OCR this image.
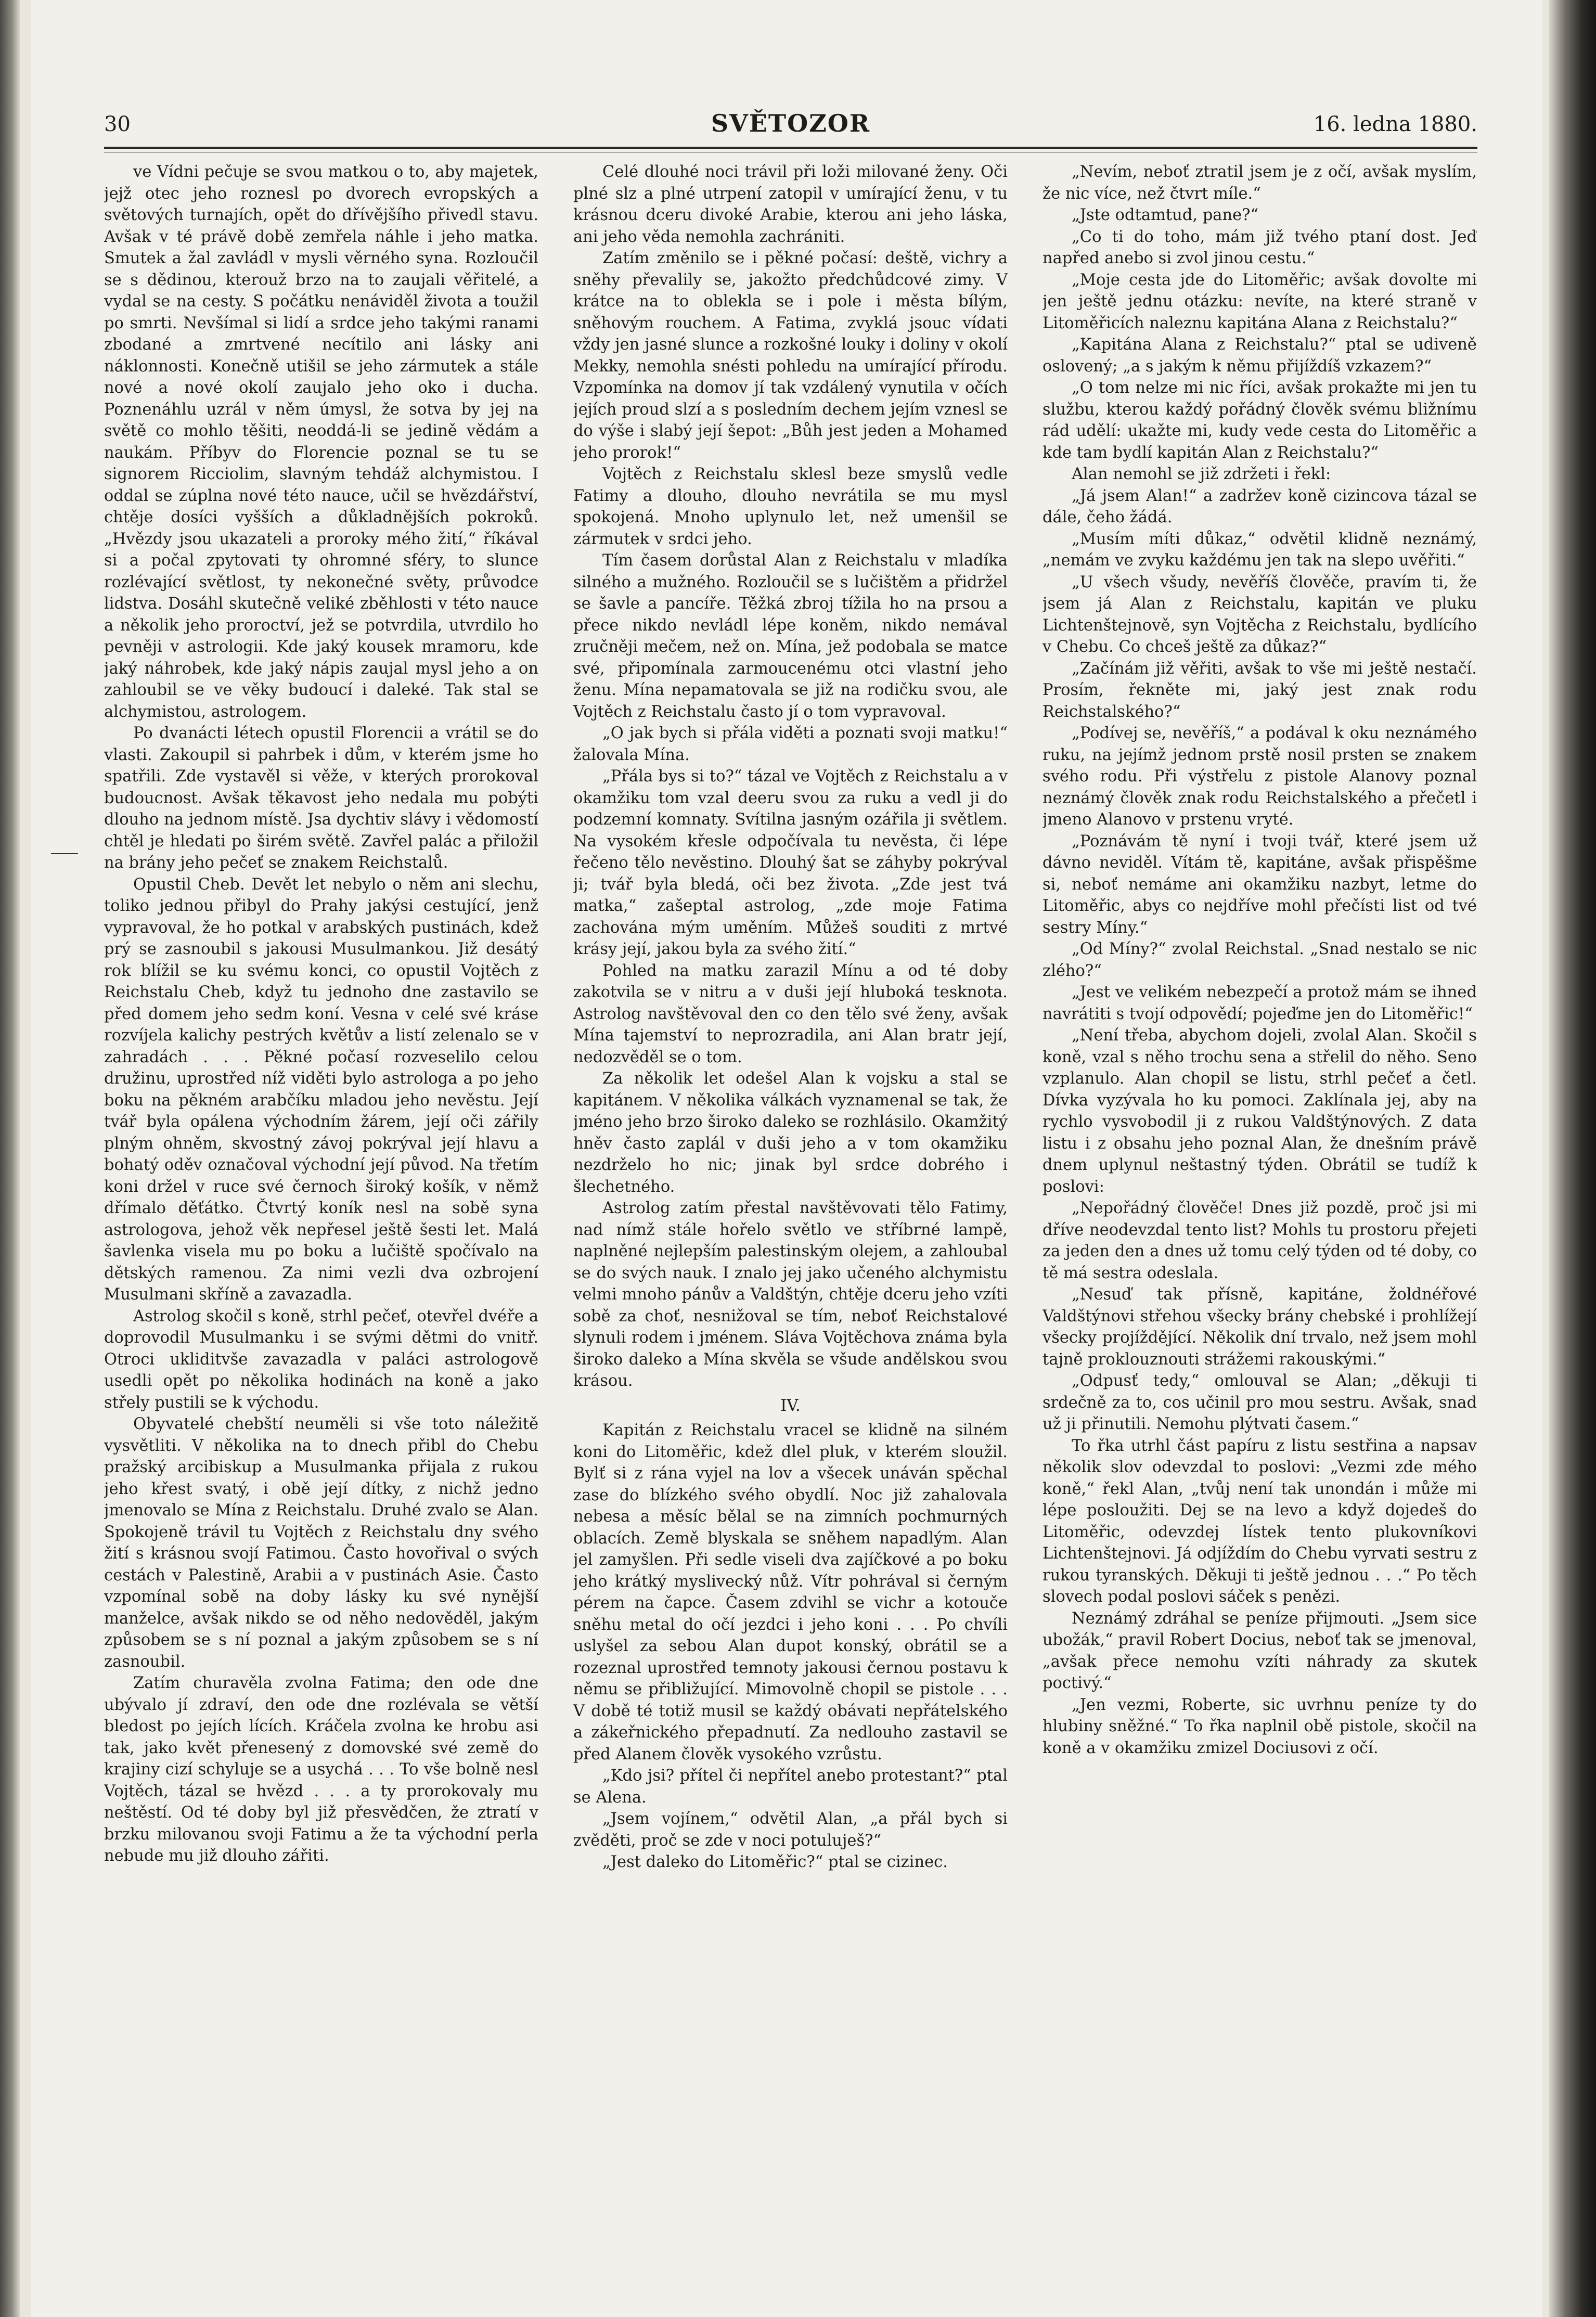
30	SVĚTOZOR	16. ledna 1880.

ve Vídni pečuje se svou matkou o to, aby majetek, jejž otec jeho roznesl po dvorech evropských a světových turnajích, opět do dřívějšího přivedl stavu. Avšak v té právě době zemřela náhle i jeho matka. Smutek a žal zavládl v mysli věrného syna. Rozloučil se s dědinou, kterouž brzo na to zaujali věřitelé, a vydal se na cesty. S počátku nenáviděl života a toužil po smrti. Nevšímal si lidí a srdce jeho takými ranami zbodané a zmrtvené necítilo ani lásky ani náklonnosti. Konečně utišil se jeho zármutek a stále nové a nové okolí zaujalo jeho oko i ducha. Poznenáhlu uzrál v něm úmysl, že sotva by jej na světě co mohlo těšiti, neoddá-li se jedině vědám a naukám. Příbyv do Florencie poznal se tu se signorem Ricciolim, slavným tehdáž alchymistou. I oddal se zúplna nové této nauce, učil se hvězdářství, chtěje dosíci vyšších a důkladnějších pokroků. „Hvězdy jsou ukazateli a proroky mého žití,“ říkával si a počal zpytovati ty ohromné sféry, to slunce rozlévající světlost, ty nekonečné světy, průvodce lidstva. Dosáhl skutečně veliké zběhlosti v této nauce a několik jeho proroctví, jež se potvrdila, utvrdilo ho pevněji v astrologii. Kde jaký kousek mramoru, kde jaký náhrobek, kde jaký nápis zaujal mysl jeho a on zahloubil se ve věky budoucí i daleké. Tak stal se alchymistou, astrologem.

Po dvanácti létech opustil Florencii a vrátil se do vlasti. Zakoupil si pahrbek i dům, v kterém jsme ho spatřili. Zde vystavěl si věže, v kterých prorokoval budoucnost. Avšak těkavost jeho nedala mu pobýti dlouho na jednom místě. Jsa dychtiv slávy i vědomostí chtěl je hledati po širém světě. Zavřel palác a přiložil na brány jeho pečeť se znakem Reichstalů.

Opustil Cheb. Devět let nebylo o něm ani slechu, toliko jednou přibyl do Prahy jakýsi cestující, jenž vypravoval, že ho potkal v arabských pustinách, kdež prý se zasnoubil s jakousi Musulmankou. Již desátý rok blížil se ku svému konci, co opustil Vojtěch z Reichstalu Cheb, když tu jednoho dne zastavilo se před domem jeho sedm koní. Vesna v celé své kráse rozvíjela kalichy pestrých květův a listí zelenalo se v zahradách . . . Pěkné počasí rozveselilo celou družinu, uprostřed níž viděti bylo astrologa a po jeho boku na pěkném arabčíku mladou jeho nevěstu. Její tvář byla opálena východním žárem, její oči zářily plným ohněm, skvostný závoj pokrýval její hlavu a bohatý oděv označoval východní její původ. Na třetím koni držel v ruce své černoch široký košík, v němž dřímalo děťátko. Čtvrtý koník nesl na sobě syna astrologova, jehož věk nepřesel ještě šesti let. Malá šavlenka visela mu po boku a lučiště spočívalo na dětských ramenou. Za nimi vezli dva ozbrojení Musulmani skříně a zavazadla.

Astrolog skočil s koně, strhl pečeť, otevřel dvéře a doprovodil Musulmanku i se svými dětmi do vnitř. Otroci ukliditvše zavazadla v paláci astrologově usedli opět po několika hodinách na koně a jako střely pustili se k východu.

Obyvatelé chebští neuměli si vše toto náležitě vysvětliti. V několika na to dnech přibl do Chebu pražský arcibiskup a Musulmanka přijala z rukou jeho křest svatý, i obě její dítky, z nichž jedno jmenovalo se Mína z Reichstalu. Druhé zvalo se Alan. Spokojeně trávil tu Vojtěch z Reichstalu dny svého žití s krásnou svojí Fatimou. Často hovořival o svých cestách v Palestině, Arabii a v pustinách Asie. Často vzpomínal sobě na doby lásky ku své nynější manželce, avšak nikdo se od něho nedověděl, jakým způsobem se s ní poznal a jakým způsobem se s ní zasnoubil.

Zatím churavěla zvolna Fatima; den ode dne ubývalo jí zdraví, den ode dne rozlévala se větší bledost po jejích lících. Kráčela zvolna ke hrobu asi tak, jako květ přenesený z domovské své země do krajiny cizí schyluje se a usychá . . . To vše bolně nesl Vojtěch, tázal se hvězd . . . a ty prorokovaly mu neštěstí. Od té doby byl již přesvědčen, že ztratí v brzku milovanou svoji Fatimu a že ta východní perla nebude mu již dlouho zářiti.

Celé dlouhé noci trávil při loži milované ženy. Oči plné slz a plné utrpení zatopil v umírající ženu, v tu krásnou dceru divoké Arabie, kterou ani jeho láska, ani jeho věda nemohla zachrániti.

Zatím změnilo se i pěkné počasí: deště, vichry a sněhy převalily se, jakožto předchůdcové zimy. V krátce na to oblekla se i pole i města bílým, sněhovým rouchem. A Fatima, zvyklá jsouc vídati vždy jen jasné slunce a rozkošné louky i doliny v okolí Mekky, nemohla snésti pohledu na umírající přírodu. Vzpomínka na domov jí tak vzdálený vynutila v očích jejích proud slzí a s posledním dechem jejím vznesl se do výše i slabý její šepot: „Bůh jest jeden a Mohamed jeho prorok!“

Vojtěch z Reichstalu sklesl beze smyslů vedle Fatimy a dlouho, dlouho nevrátila se mu mysl spokojená. Mnoho uplynulo let, než umenšil se zármutek v srdci jeho.

Tím časem dorůstal Alan z Reichstalu v mladíka silného a mužného. Rozloučil se s lučištěm a přidržel se šavle a pancíře. Těžká zbroj tížila ho na prsou a přece nikdo nevládl lépe koněm, nikdo nemával zručněji mečem, než on. Mína, jež podobala se matce své, připomínala zarmoucenému otci vlastní jeho ženu. Mína nepamatovala se již na rodičku svou, ale Vojtěch z Reichstalu často jí o tom vypravoval.

„O jak bych si přála viděti a poznati svoji matku!“ žalovala Mína.

„Přála bys si to?“ tázal ve Vojtěch z Reichstalu a v okamžiku tom vzal deeru svou za ruku a vedl ji do podzemní komnaty. Svítilna jasným ozářila ji světlem. Na vysokém křesle odpočívala tu nevěsta, či lépe řečeno tělo nevěstino. Dlouhý šat se záhyby pokrýval ji; tvář byla bledá, oči bez života. „Zde jest tvá matka,“ zašeptal astrolog, „zde moje Fatima zachována mým uměním. Můžeš souditi z mrtvé krásy její, jakou byla za svého žití.“

Pohled na matku zarazil Mínu a od té doby zakotvila se v nitru a v duši její hluboká tesknota. Astrolog navštěvoval den co den tělo své ženy, avšak Mína tajemství to neprozradila, ani Alan bratr její, nedozvěděl se o tom.

Za několik let odešel Alan k vojsku a stal se kapitánem. V několika válkách vyznamenal se tak, že jméno jeho brzo široko daleko se rozhlásilo. Okamžitý hněv často zaplál v duši jeho a v tom okamžiku nezdrželo ho nic; jinak byl srdce dobrého i šlechetného.

Astrolog zatím přestal navštěvovati tělo Fatimy, nad nímž stále hořelo světlo ve stříbrné lampě, naplněné nejlepším palestinským olejem, a zahloubal se do svých nauk. I znalo jej jako učeného alchymistu velmi mnoho pánův a Valdštýn, chtěje dceru jeho vzíti sobě za choť, nesnižoval se tím, neboť Reichstalové slynuli rodem i jménem. Sláva Vojtěchova známa byla široko daleko a Mína skvěla se všude andělskou svou krásou.

IV.

Kapitán z Reichstalu vracel se klidně na silném koni do Litoměřic, kdež dlel pluk, v kterém sloužil. Bylť si z rána vyjel na lov a všecek unáván spěchal zase do blízkého svého obydlí. Noc již zahalovala nebesa a měsíc bělal se na zimních pochmurných oblacích. Země blyskala se sněhem napadlým. Alan jel zamyšlen. Při sedle viseli dva zajíčkové a po boku jeho krátký myslivecký nůž. Vítr pohrával si černým pérem na čapce. Časem zdvihl se vichr a kotouče sněhu metal do očí jezdci i jeho koni . . . Po chvíli uslyšel za sebou Alan dupot konský, obrátil se a rozeznal uprostřed temnoty jakousi černou postavu k němu se přibližující. Mimovolně chopil se pistole . . . V době té totiž musil se každý obávati nepřátelského a zákeřnického přepadnutí. Za nedlouho zastavil se před Alanem člověk vysokého vzrůstu.

„Kdo jsi? přítel či nepřítel anebo protestant?“ ptal se Alena.

„Jsem vojínem,“ odvětil Alan, „a přál bych si zvěděti, proč se zde v noci potuluješ?“

„Jest daleko do Litoměřic?“ ptal se cizinec.

„Nevím, neboť ztratil jsem je z očí, avšak myslím, že nic více, než čtvrt míle.“

„Jste odtamtud, pane?“

„Co ti do toho, mám již tvého ptaní dost. Jeď napřed anebo si zvol jinou cestu.“

„Moje cesta jde do Litoměřic; avšak dovolte mi jen ještě jednu otázku: nevíte, na které straně v Litoměřicích naleznu kapitána Alana z Reichstalu?“

„Kapitána Alana z Reichstalu?“ ptal se udiveně oslovený; „a s jakým k němu přijíždíš vzkazem?“

„O tom nelze mi nic říci, avšak prokažte mi jen tu službu, kterou každý pořádný člověk svému bližnímu rád udělí: ukažte mi, kudy vede cesta do Litoměřic a kde tam bydlí kapitán Alan z Reichstalu?“

Alan nemohl se již zdržeti i řekl:

„Já jsem Alan!“ a zadržev koně cizincova tázal se dále, čeho žádá.

„Musím míti důkaz,“ odvětil klidně neznámý, „nemám ve zvyku každému jen tak na slepo uvěřiti.“

„U všech všudy, nevěříš člověče, pravím ti, že jsem já Alan z Reichstalu, kapitán ve pluku Lichtenštejnově, syn Vojtěcha z Reichstalu, bydlícího v Chebu. Co chceš ještě za důkaz?“

„Začínám již věřiti, avšak to vše mi ještě nestačí. Prosím, řekněte mi, jaký jest znak rodu Reichstalského?“

„Podívej se, nevěříš,“ a podával k oku neznámého ruku, na jejímž jednom prstě nosil prsten se znakem svého rodu. Při výstřelu z pistole Alanovy poznal neznámý člověk znak rodu Reichstalského a přečetl i jmeno Alanovo v prstenu vryté.

„Poznávám tě nyní i tvoji tvář, které jsem už dávno neviděl. Vítám tě, kapitáne, avšak přispěšme si, neboť nemáme ani okamžiku nazbyt, letme do Litoměřic, abys co nejdříve mohl přečísti list od tvé sestry Míny.“

„Od Míny?“ zvolal Reichstal. „Snad nestalo se nic zlého?“

„Jest ve velikém nebezpečí a protož mám se ihned navrátiti s tvojí odpovědí; pojeďme jen do Litoměřic!“

„Není třeba, abychom dojeli, zvolal Alan. Skočil s koně, vzal s něho trochu sena a střelil do něho. Seno vzplanulo. Alan chopil se listu, strhl pečeť a četl. Dívka vyzývala ho ku pomoci. Zaklínala jej, aby na rychlo vysvobodil ji z rukou Valdštýnových. Z data listu i z obsahu jeho poznal Alan, že dnešním právě dnem uplynul neštastný týden. Obrátil se tudíž k poslovi:

„Nepořádný člověče! Dnes již pozdě, proč jsi mi dříve neodevzdal tento list? Mohls tu prostoru přejeti za jeden den a dnes už tomu celý týden od té doby, co tě má sestra odeslala.

„Nesuď tak přísně, kapitáne, žoldnéřové Valdštýnovi střehou všecky brány chebské i prohlížejí všecky projíždějící. Několik dní trvalo, než jsem mohl tajně proklouznouti strážemi rakouskými.“

„Odpusť tedy,“ omlouval se Alan; „děkuji ti srdečně za to, cos učinil pro mou sestru. Avšak, snad už ji přinutili. Nemohu plýtvati časem.“

To řka utrhl část papíru z listu sestřina a napsav několik slov odevzdal to poslovi: „Vezmi zde mého koně,“ řekl Alan, „tvůj není tak unondán i může mi lépe posloužiti. Dej se na levo a když dojedeš do Litoměřic, odevzdej lístek tento plukovníkovi Lichtenštejnovi. Já odjíždím do Chebu vyrvati sestru z rukou tyranských. Děkuji ti ještě jednou . . .“ Po těch slovech podal poslovi sáček s penězi.

Neznámý zdráhal se peníze přijmouti. „Jsem sice ubožák,“ pravil Robert Docius, neboť tak se jmenoval, „avšak přece nemohu vzíti náhrady za skutek poctivý.“

„Jen vezmi, Roberte, sic uvrhnu peníze ty do hlubiny sněžné.“ To řka naplnil obě pistole, skočil na koně a v okamžiku zmizel Dociusovi z očí.
